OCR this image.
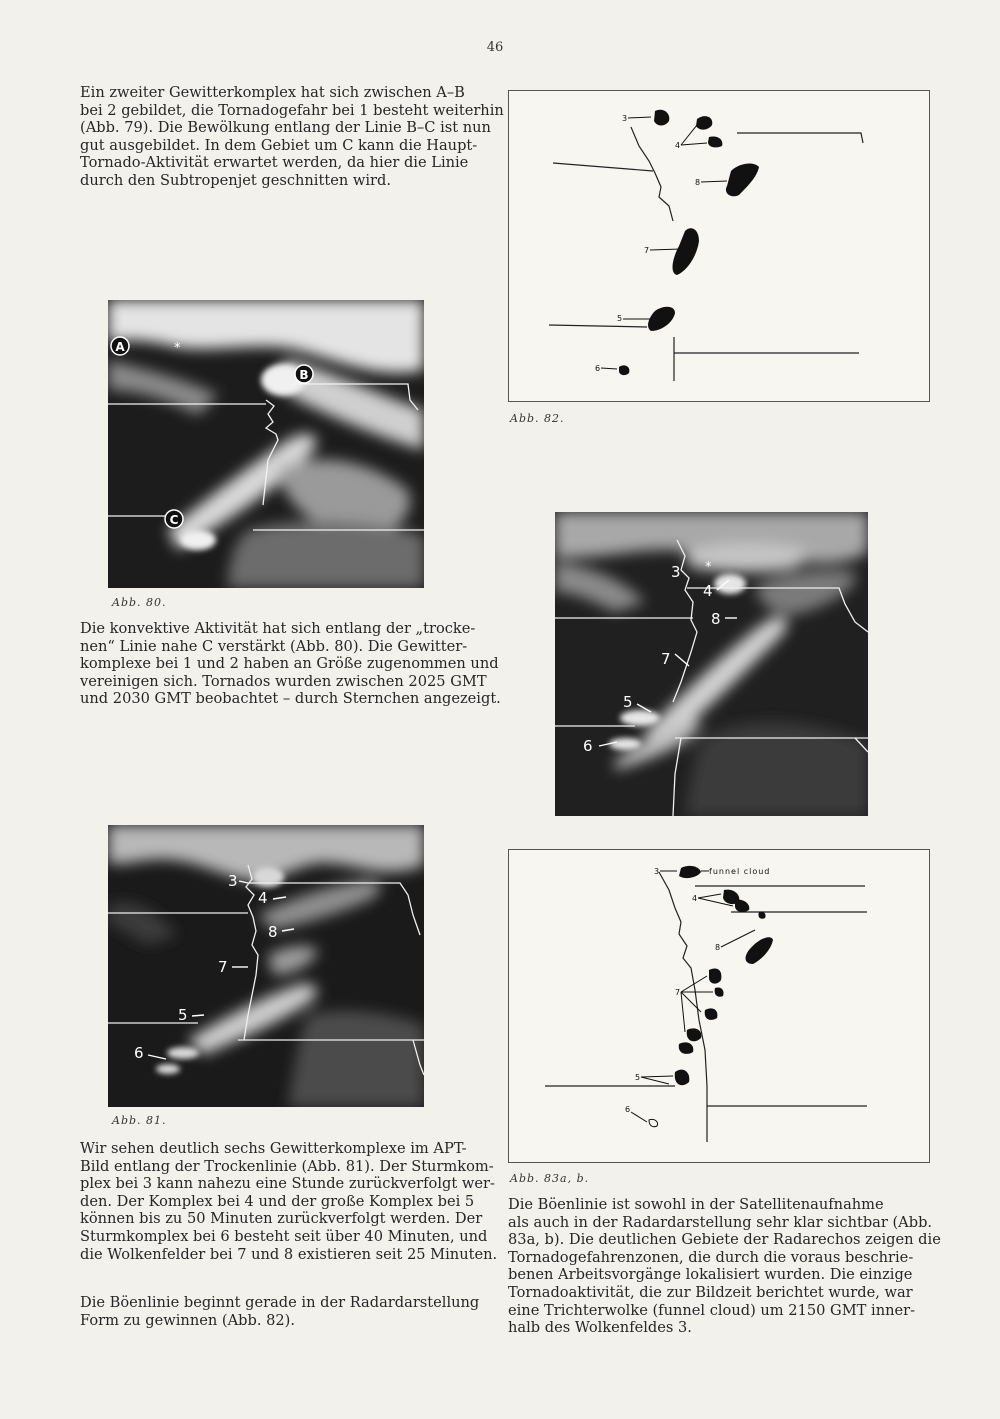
46
Ein zweiter Gewitterkomplex hat sich zwischen A–B
bei 2 gebildet, die Tornadogefahr bei 1 besteht weiterhin
(Abb. 79). Die Bewölkung entlang der Linie B–C ist nun
gut ausgebildet. In dem Gebiet um C kann die Haupt-
Tornado-Aktivität erwartet werden, da hier die Linie
durch den Subtropenjet geschnitten wird.
A	*
B
C
Abb. 80.
Die konvektive Aktivität hat sich entlang der „trocke-
nen“ Linie nahe C verstärkt (Abb. 80). Die Gewitter-
komplexe bei 1 und 2 haben an Größe zugenommen und
vereinigen sich. Tornados wurden zwischen 2025 GMT
und 2030 GMT beobachtet – durch Sternchen angezeigt.
3
4
8
7
5
6
Abb. 81.
Wir sehen deutlich sechs Gewitterkomplexe im APT-
Bild entlang der Trockenlinie (Abb. 81). Der Sturmkom-
plex bei 3 kann nahezu eine Stunde zurückverfolgt wer-
den. Der Komplex bei 4 und der große Komplex bei 5
können bis zu 50 Minuten zurückverfolgt werden. Der
Sturmkomplex bei 6 besteht seit über 40 Minuten, und
die Wolkenfelder bei 7 und 8 existieren seit 25 Minuten.
Die Böenlinie beginnt gerade in der Radardarstellung
Form zu gewinnen (Abb. 82).
3
4
8
7
5
6
Abb. 82.
3
4
8
7
5
6
*
3	funnel cloud
4
8
7
5
6
Abb. 83a, b.
Die Böenlinie ist sowohl in der Satellitenaufnahme
als auch in der Radardarstellung sehr klar sichtbar (Abb.
83a, b). Die deutlichen Gebiete der Radarechos zeigen die
Tornadogefahrenzonen, die durch die voraus beschrie-
benen Arbeitsvorgänge lokalisiert wurden. Die einzige
Tornadoaktivität, die zur Bildzeit berichtet wurde, war
eine Trichterwolke (funnel cloud) um 2150 GMT inner-
halb des Wolkenfeldes 3.
